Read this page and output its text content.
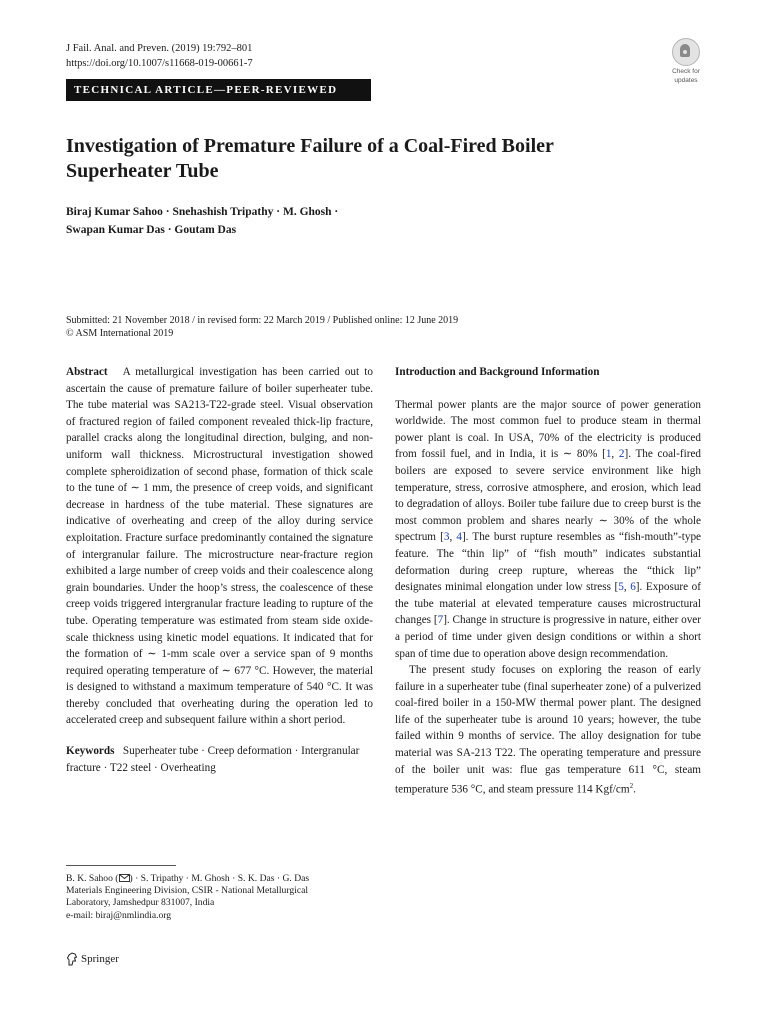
J Fail. Anal. and Preven. (2019) 19:792–801
https://doi.org/10.1007/s11668-019-00661-7
Check for
updates
TECHNICAL ARTICLE—PEER-REVIEWED
Investigation of Premature Failure of a Coal-Fired Boiler
Superheater Tube
Biraj Kumar Sahoo · Snehashish Tripathy · M. Ghosh ·
Swapan Kumar Das · Goutam Das
Submitted: 21 November 2018 / in revised form: 22 March 2019 / Published online: 12 June 2019
© ASM International 2019

Abstract A metallurgical investigation has been carried out to ascertain the cause of premature failure of boiler superheater tube. The tube material was SA213-T22-grade steel. Visual observation of fractured region of failed component revealed thick-lip fracture, parallel cracks along the longitudinal direction, bulging, and non-uniform wall thickness. Microstructural investigation showed complete spheroidization of second phase, formation of thick scale to the tune of ∼ 1 mm, the presence of creep voids, and significant decrease in hardness of the tube material. These signatures are indicative of overheating and creep of the alloy during service exploitation. Fracture surface predominantly contained the signature of intergranular failure. The microstructure near-fracture region exhibited a large number of creep voids and their coalescence along grain boundaries. Under the hoop’s stress, the coalescence of these creep voids triggered intergranular fracture leading to rupture of the tube. Operating temperature was estimated from steam side oxide-scale thickness using kinetic model equations. It indicated that for the formation of ∼ 1-mm scale over a service span of 9 months required operating temperature of ∼ 677 °C. However, the material is designed to withstand a maximum temperature of 540 °C. It was thereby concluded that overheating during the operation led to accelerated creep and subsequent failure within a short period.

Keywords Superheater tube · Creep deformation · Intergranular fracture · T22 steel · Overheating

Introduction and Background Information

Thermal power plants are the major source of power generation worldwide. The most common fuel to produce steam in thermal power plant is coal. In USA, 70% of the electricity is produced from fossil fuel, and in India, it is ∼ 80% [1, 2]. The coal-fired boilers are exposed to severe service environment like high temperature, stress, corrosive atmosphere, and erosion, which lead to degradation of alloys. Boiler tube failure due to creep burst is the most common problem and shares nearly ∼ 30% of the whole spectrum [3, 4]. The burst rupture resembles as “fish-mouth”-type feature. The “thin lip” of “fish mouth” indicates substantial deformation during creep rupture, whereas the “thick lip” designates minimal elongation under low stress [5, 6]. Exposure of the tube material at elevated temperature causes microstructural changes [7]. Change in structure is progressive in nature, either over a period of time under given design conditions or within a short span of time due to operation above design recommendation.

The present study focuses on exploring the reason of early failure in a superheater tube (final superheater zone) of a pulverized coal-fired boiler in a 150-MW thermal power plant. The designed life of the superheater tube is around 10 years; however, the tube failed within 9 months of service. The alloy designation for tube material was SA-213 T22. The operating temperature and pressure of the boiler unit was: flue gas temperature 611 °C, steam temperature 536 °C, and steam pressure 114 Kgf/$cm^2$.

B. K. Sahoo ( ) · S. Tripathy · M. Ghosh · S. K. Das · G. Das
Materials Engineering Division, CSIR - National Metallurgical
Laboratory, Jamshedpur 831007, India
e-mail: biraj@nmlindia.org
Springer
